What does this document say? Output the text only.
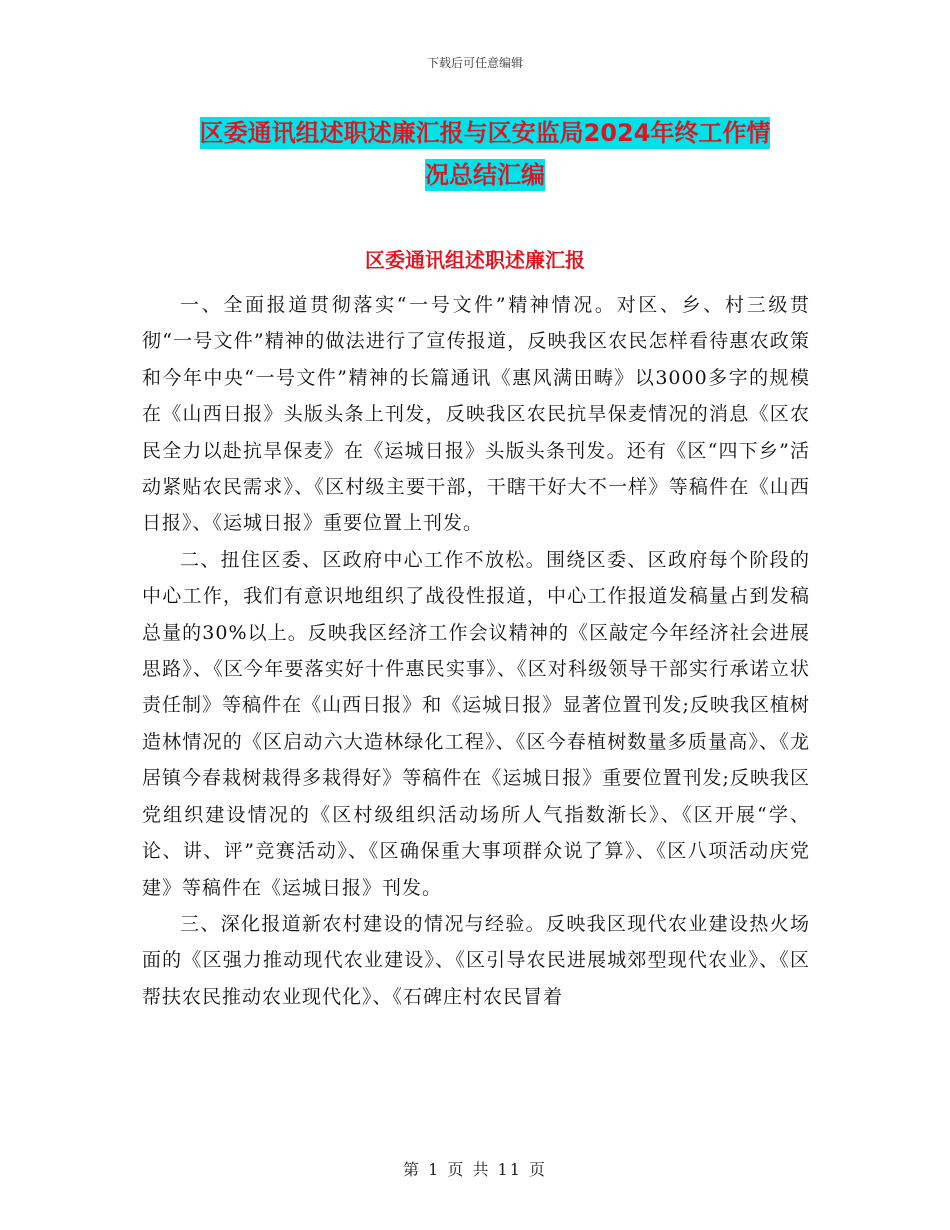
下载后可任意编辑
区委通讯组述职述廉汇报与区安监局2024年终工作情
况总结汇编
区委通讯组述职述廉汇报

一、全面报道贯彻落实“一号文件”精神情况。对区、乡、村三级贯彻“一号文件”精神的做法进行了宣传报道，反映我区农民怎样看待惠农政策和今年中央“一号文件”精神的长篇通讯《惠风满田畴》以3000多字的规模在《山西日报》头版头条上刊发，反映我区农民抗旱保麦情况的消息《区农民全力以赴抗旱保麦》在《运城日报》头版头条刊发。还有《区“四下乡”活动紧贴农民需求》、《区村级主要干部，干瞎干好大不一样》等稿件在《山西日报》、《运城日报》重要位置上刊发。

二、扭住区委、区政府中心工作不放松。围绕区委、区政府每个阶段的中心工作，我们有意识地组织了战役性报道，中心工作报道发稿量占到发稿总量的30%以上。反映我区经济工作会议精神的《区敲定今年经济社会进展思路》、《区今年要落实好十件惠民实事》、《区对科级领导干部实行承诺立状责任制》等稿件在《山西日报》和《运城日报》显著位置刊发;反映我区植树造林情况的《区启动六大造林绿化工程》、《区今春植树数量多质量高》、《龙居镇今春栽树栽得多栽得好》等稿件在《运城日报》重要位置刊发;反映我区党组织建设情况的《区村级组织活动场所人气指数渐长》、《区开展“学、论、讲、评”竞赛活动》、《区确保重大事项群众说了算》、《区八项活动庆党建》等稿件在《运城日报》刊发。

三、深化报道新农村建设的情况与经验。反映我区现代农业建设热火场面的《区强力推动现代农业建设》、《区引导农民进展城郊型现代农业》、《区帮扶农民推动农业现代化》、《石碑庄村农民冒着

第 1 页 共 11 页
